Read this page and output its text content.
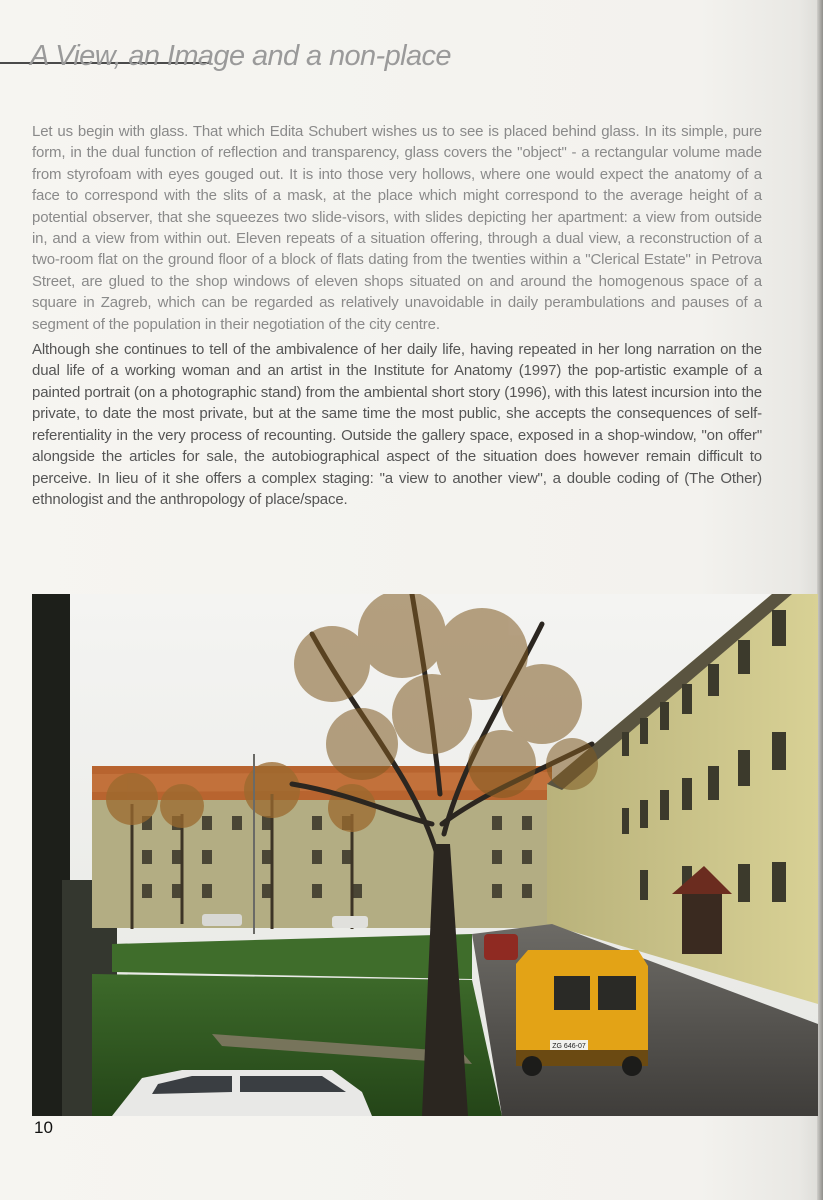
A View, an Image and a non-place

Let us begin with glass. That which Edita Schubert wishes us to see is placed behind glass. In its simple, pure form, in the dual function of reflection and transparency, glass covers the "object" - a rectangular volume made from styrofoam with eyes gouged out. It is into those very hollows, where one would expect the anatomy of a face to correspond with the slits of a mask, at the place which might correspond to the average height of a potential observer, that she squeezes two slide-visors, with slides depicting her apartment: a view from outside in, and a view from within out. Eleven repeats of a situation offering, through a dual view, a reconstruction of a two-room flat on the ground floor of a block of flats dating from the twenties within a "Clerical Estate" in Petrova Street, are glued to the shop windows of eleven shops situated on and around the homogenous space of a square in Zagreb, which can be regarded as relatively unavoidable in daily perambulations and pauses of a segment of the population in their negotiation of the city centre.

Although she continues to tell of the ambivalence of her daily life, having repeated in her long narration on the dual life of a working woman and an artist in the Institute for Anatomy (1997) the pop-artistic example of a painted portrait (on a photographic stand) from the ambiental short story (1996), with this latest incursion into the private, to date the most private, but at the same time the most public, she accepts the consequences of self-referentiality in the very process of recounting. Outside the gallery space, exposed in a shop-window, "on offer" alongside the articles for sale, the autobiographical aspect of the situation does however remain difficult to perceive. In lieu of it she offers a complex staging: "a view to another view", a double coding of (The Other) ethnologist and the anthropology of place/space.

ZG 646-07
10
